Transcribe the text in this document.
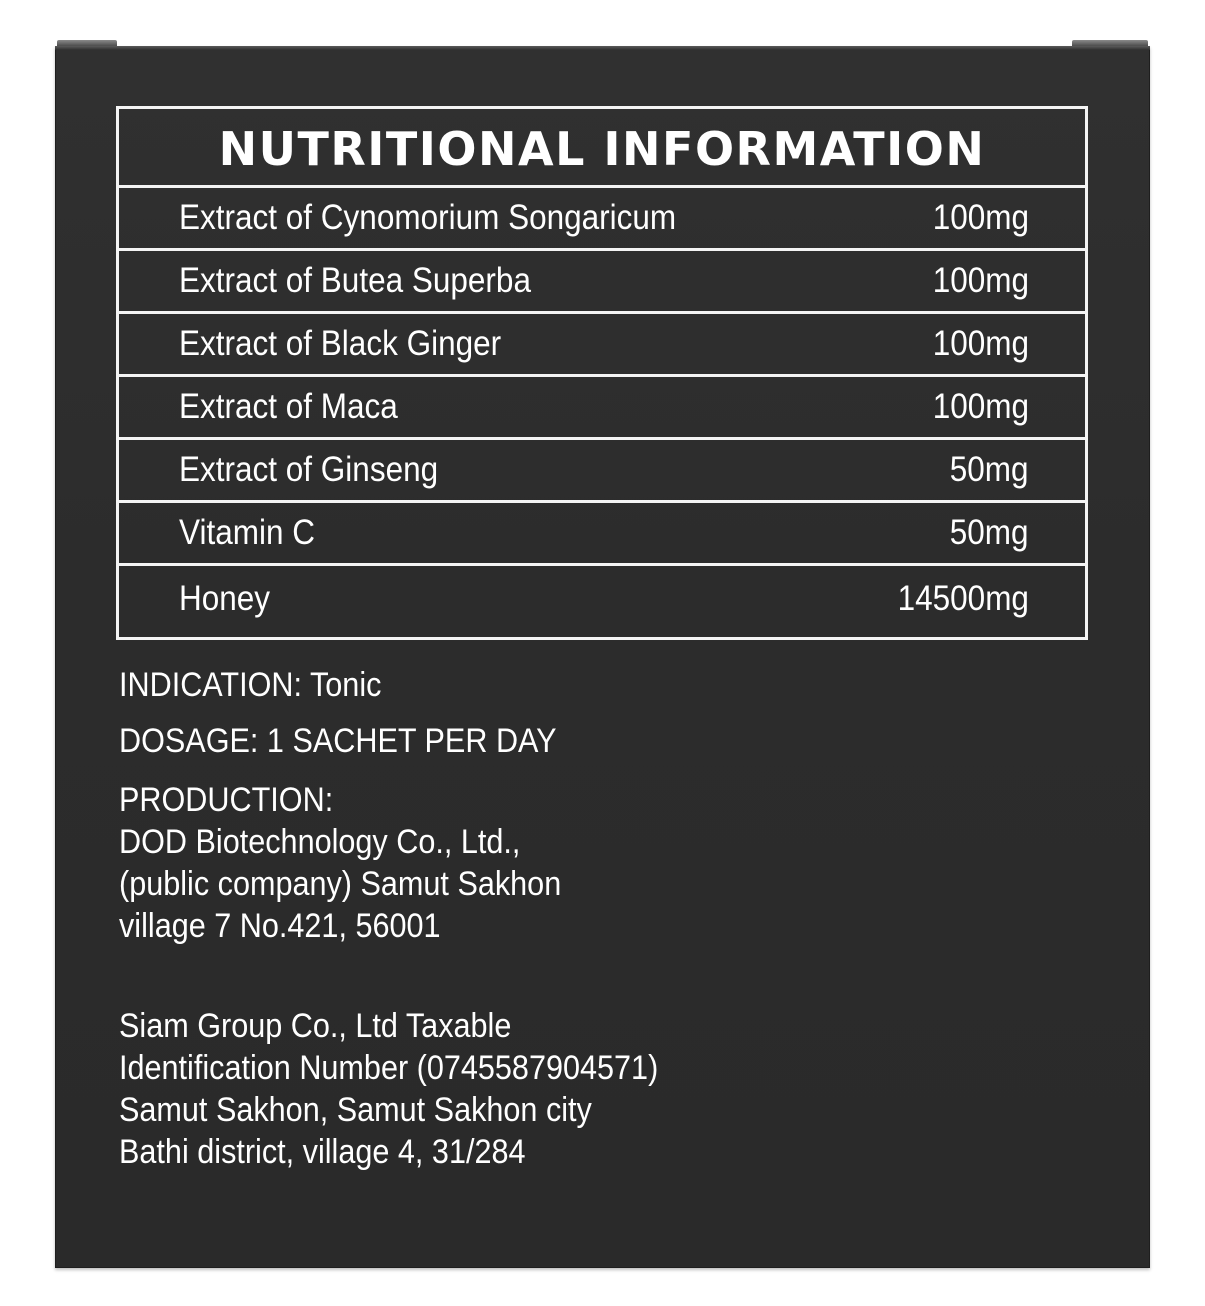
NUTRITIONAL INFORMATION
Extract of Cynomorium Songaricum	100mg
Extract of Butea Superba	100mg
Extract of Black Ginger	100mg
Extract of Maca	100mg
Extract of Ginseng	50mg
Vitamin C	50mg
Honey	14500mg
INDICATION: Tonic
DOSAGE: 1 SACHET PER DAY
PRODUCTION:
DOD Biotechnology Co., Ltd.,
(public company) Samut Sakhon
village 7 No.421, 56001
Siam Group Co., Ltd Taxable
Identification Number (0745587904571)
Samut Sakhon, Samut Sakhon city
Bathi district, village 4, 31/284
